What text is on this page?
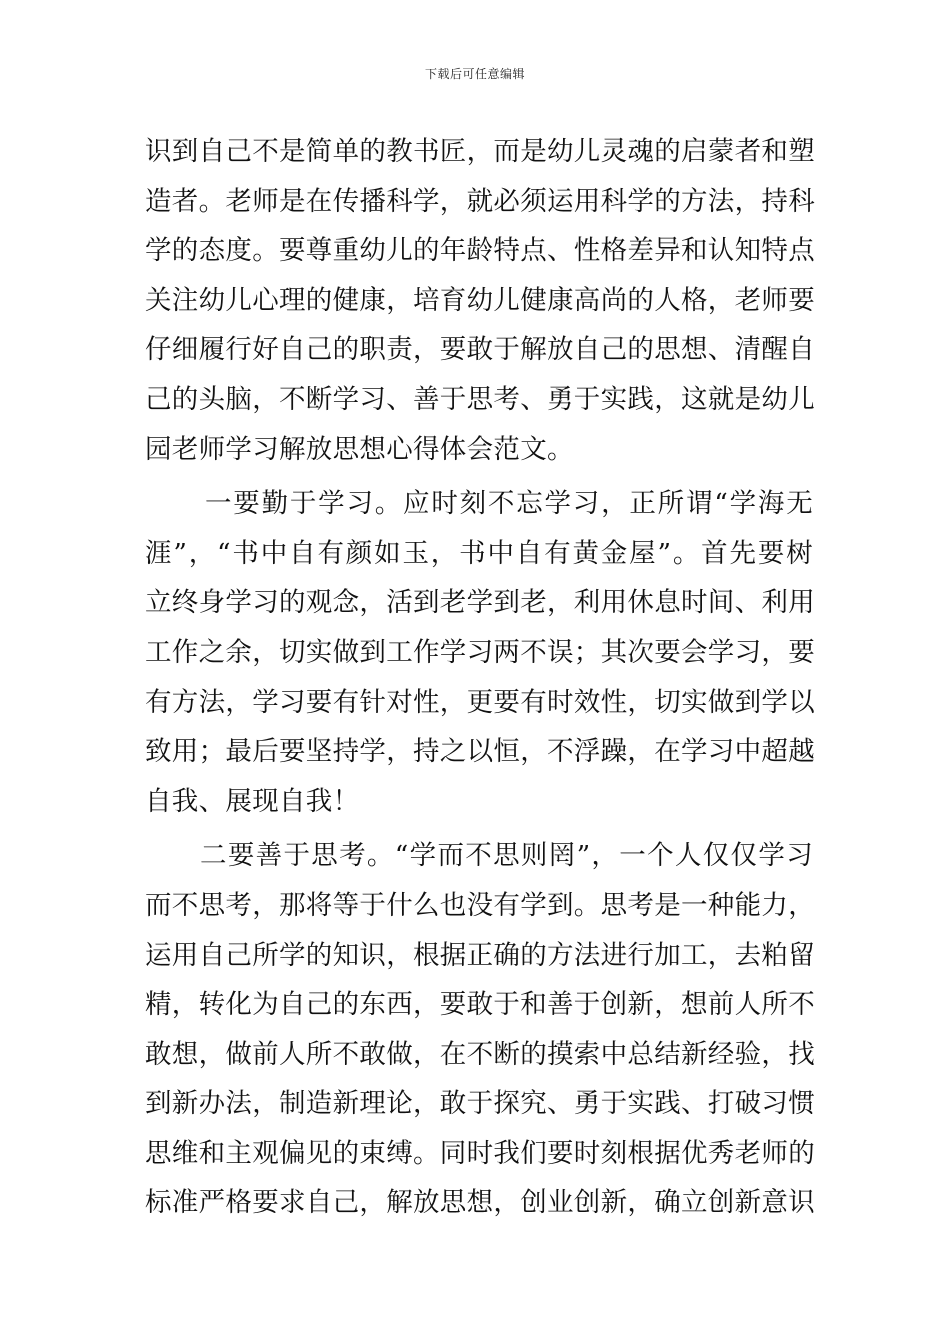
下载后可任意编辑
识到自己不是简单的教书匠，而是幼儿灵魂的启蒙者和塑
造者。老师是在传播科学，就必须运用科学的方法，持科
学的态度。要尊重幼儿的年龄特点、性格差异和认知特点
关注幼儿心理的健康，培育幼儿健康高尚的人格，老师要
仔细履行好自己的职责，要敢于解放自己的思想、清醒自
己的头脑，不断学习、善于思考、勇于实践，这就是幼儿
园老师学习解放思想心得体会范文。
一要勤于学习。应时刻不忘学习，正所谓“学海无
涯”，“书中自有颜如玉，书中自有黄金屋”。首先要树
立终身学习的观念，活到老学到老，利用休息时间、利用
工作之余，切实做到工作学习两不误；其次要会学习，要
有方法，学习要有针对性，更要有时效性，切实做到学以
致用；最后要坚持学，持之以恒，不浮躁，在学习中超越
自我、展现自我！
二要善于思考。“学而不思则罔”，一个人仅仅学习
而不思考，那将等于什么也没有学到。思考是一种能力，
运用自己所学的知识，根据正确的方法进行加工，去粕留
精，转化为自己的东西，要敢于和善于创新，想前人所不
敢想，做前人所不敢做，在不断的摸索中总结新经验，找
到新办法，制造新理论，敢于探究、勇于实践、打破习惯
思维和主观偏见的束缚。同时我们要时刻根据优秀老师的
标准严格要求自己，解放思想，创业创新，确立创新意识
